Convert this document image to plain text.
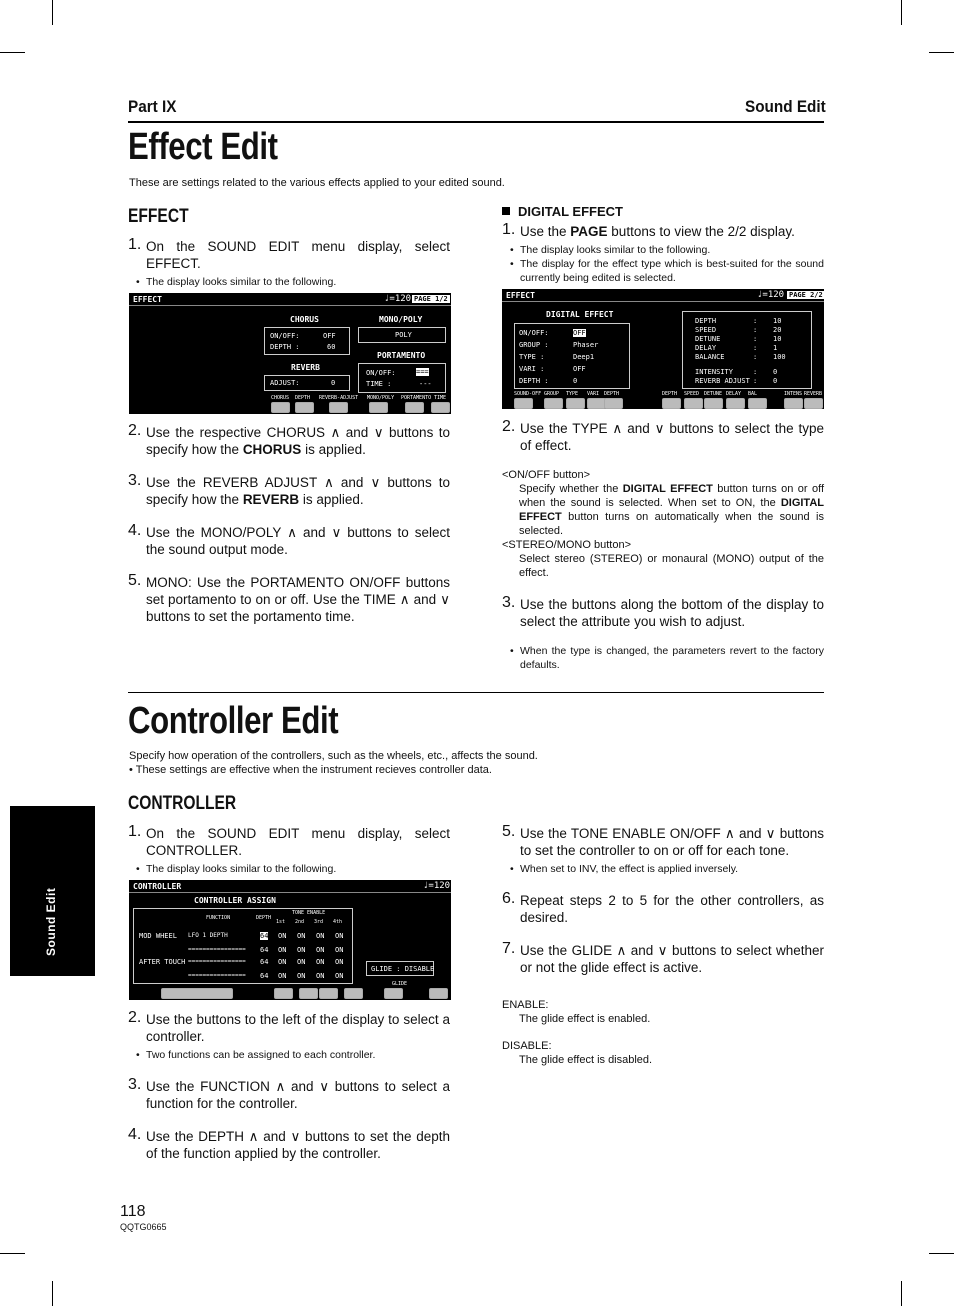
Part IX	Sound Edit
Effect Edit
These are settings related to the various effects applied to your edited sound.
EFFECT

1. On the SOUND EDIT menu display, select EFFECT.

• The display looks similar to the following.

EFFECT	♩=120 PAGE 1/2
CHORUS
ON/OFF:	OFF
DEPTH :	60
REVERB
ADJUST:	0
MONO/POLY
POLY
PORTAMENTO
ON/OFF:	===
TIME :	---
CHORUS DEPTH REVERB-ADJUST MONO/POLY PORTAMENTO TIME

2. Use the respective CHORUS ∧ and ∨ buttons to specify how the CHORUS is applied.

3. Use the REVERB ADJUST ∧ and ∨ buttons to specify how the REVERB is applied.

4. Use the MONO/POLY ∧ and ∨ buttons to select the sound output mode.

5. MONO: Use the PORTAMENTO ON/OFF buttons set portamento to on or off. Use the TIME ∧ and ∨ buttons to set the portamento time.

DIGITAL EFFECT

1. Use the PAGE buttons to view the 2/2 display.

• The display looks similar to the following.

• The display for the effect type which is best-suited for the sound currently being edited is selected.

EFFECT	♩=120 PAGE 2/2
DIGITAL EFFECT
ON/OFF:	OFF
GROUP :	Phaser
TYPE :	Deep1
VARI :	OFF
DEPTH :	0
DEPTH	: 10
SPEED	: 20
DETUNE	: 10
DELAY	: 1
BALANCE	: 100
INTENSITY	: 0
REVERB ADJUST : 0
SOUND-OFF GROUP TYPE VARI DEPTH	DEPTH SPEED DETUNE DELAY BAL	INTENS REVERB

2. Use the TYPE ∧ and ∨ buttons to select the type of effect.

<ON/OFF button>

Specify whether the DIGITAL EFFECT button turns on or off when the sound is selected. When set to ON, the DIGITAL EFFECT button turns on automatically when the sound is selected.

<STEREO/MONO button>

Select stereo (STEREO) or monaural (MONO) output of the effect.

3. Use the buttons along the bottom of the display to select the attribute you wish to adjust.

• When the type is changed, the parameters revert to the factory defaults.

Controller Edit
Specify how operation of the controllers, such as the wheels, etc., affects the sound.
• These settings are effective when the instrument recieves controller data.
CONTROLLER

1. On the SOUND EDIT menu display, select CONTROLLER.

• The display looks similar to the following.

CONTROLLER	♩=120
CONTROLLER ASSIGN
FUNCTION	DEPTH
TONE ENABLE
1st 2nd 3rd 4th
MOD WHEEL LFO 1 DEPTH	64 ON ON ON ON
================ 64 ON ON ON ON
AFTER TOUCH ================ 64 ON ON ON ON
================ 64 ON ON ON ON
GLIDE : DISABLE
GLIDE

2. Use the buttons to the left of the display to select a controller.

• Two functions can be assigned to each controller.

3. Use the FUNCTION ∧ and ∨ buttons to select a function for the controller.

4. Use the DEPTH ∧ and ∨ buttons to set the depth of the function applied by the controller.

5. Use the TONE ENABLE ON/OFF ∧ and ∨ buttons to set the controller to on or off for each tone.

• When set to INV, the effect is applied inversely.

6. Repeat steps 2 to 5 for the other controllers, as desired.

7. Use the GLIDE ∧ and ∨ buttons to select whether or not the glide effect is active.

ENABLE:

The glide effect is enabled.

DISABLE:

The glide effect is disabled.

Sound Edit
118
QQTG0665
